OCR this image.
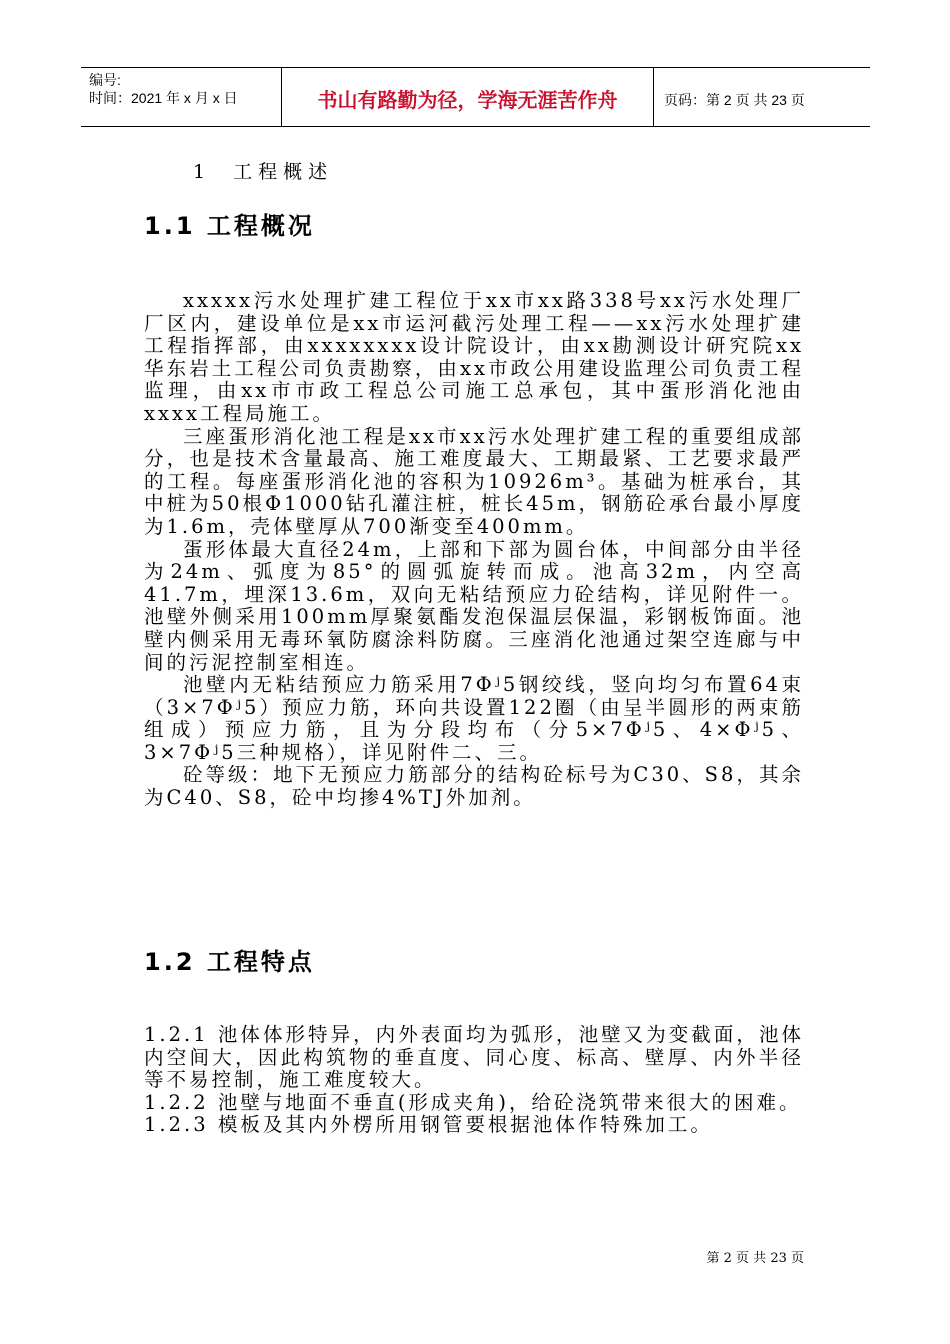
编号:
时间：2021 年 x 月 x 日	书山有路勤为径，学海无涯苦作舟	页码：第 2 页 共 23 页
1 工程概述
1.1 工程概况

xxxxx污水处理扩建工程位于xx市xx路338号xx污水处理厂厂区内，建设单位是xx市运河截污处理工程——xx污水处理扩建工程指挥部，由xxxxxxxx设计院设计，由xx勘测设计研究院xx华东岩土工程公司负责勘察，由xx市政公用建设监理公司负责工程监理，由xx市市政工程总公司施工总承包，其中蛋形消化池由xxxx工程局施工。

三座蛋形消化池工程是xx市xx污水处理扩建工程的重要组成部分，也是技术含量最高、施工难度最大、工期最紧、工艺要求最严的工程。每座蛋形消化池的容积为10926m³。基础为桩承台，其中桩为50根Φ1000钻孔灌注桩，桩长45m，钢筋砼承台最小厚度为1.6m，壳体壁厚从700渐变至400mm。

蛋形体最大直径24m，上部和下部为圆台体，中间部分由半径为24m、弧度为85°的圆弧旋转而成。池高32m，内空高41.7m，埋深13.6m，双向无粘结预应力砼结构，详见附件一。池壁外侧采用100mm厚聚氨酯发泡保温层保温，彩钢板饰面。池壁内侧采用无毒环氧防腐涂料防腐。三座消化池通过架空连廊与中间的污泥控制室相连。

池壁内无粘结预应力筋采用7Φʲ5钢绞线，竖向均匀布置64束（3×7Φʲ5）预应力筋，环向共设置122圈（由呈半圆形的两束筋组成）预应力筋，且为分段均布（分5×7Φʲ5、4×Φʲ5、3×7Φʲ5三种规格），详见附件二、三。

砼等级：地下无预应力筋部分的结构砼标号为C30、S8，其余为C40、S8，砼中均掺4%TJ外加剂。

1.2 工程特点

1.2.1 池体体形特异，内外表面均为弧形，池壁又为变截面，池体内空间大，因此构筑物的垂直度、同心度、标高、壁厚、内外半径等不易控制，施工难度较大。

1.2.2 池壁与地面不垂直(形成夹角)，给砼浇筑带来很大的困难。

1.2.3 模板及其内外楞所用钢管要根据池体作特殊加工。

第 2 页 共 23 页
